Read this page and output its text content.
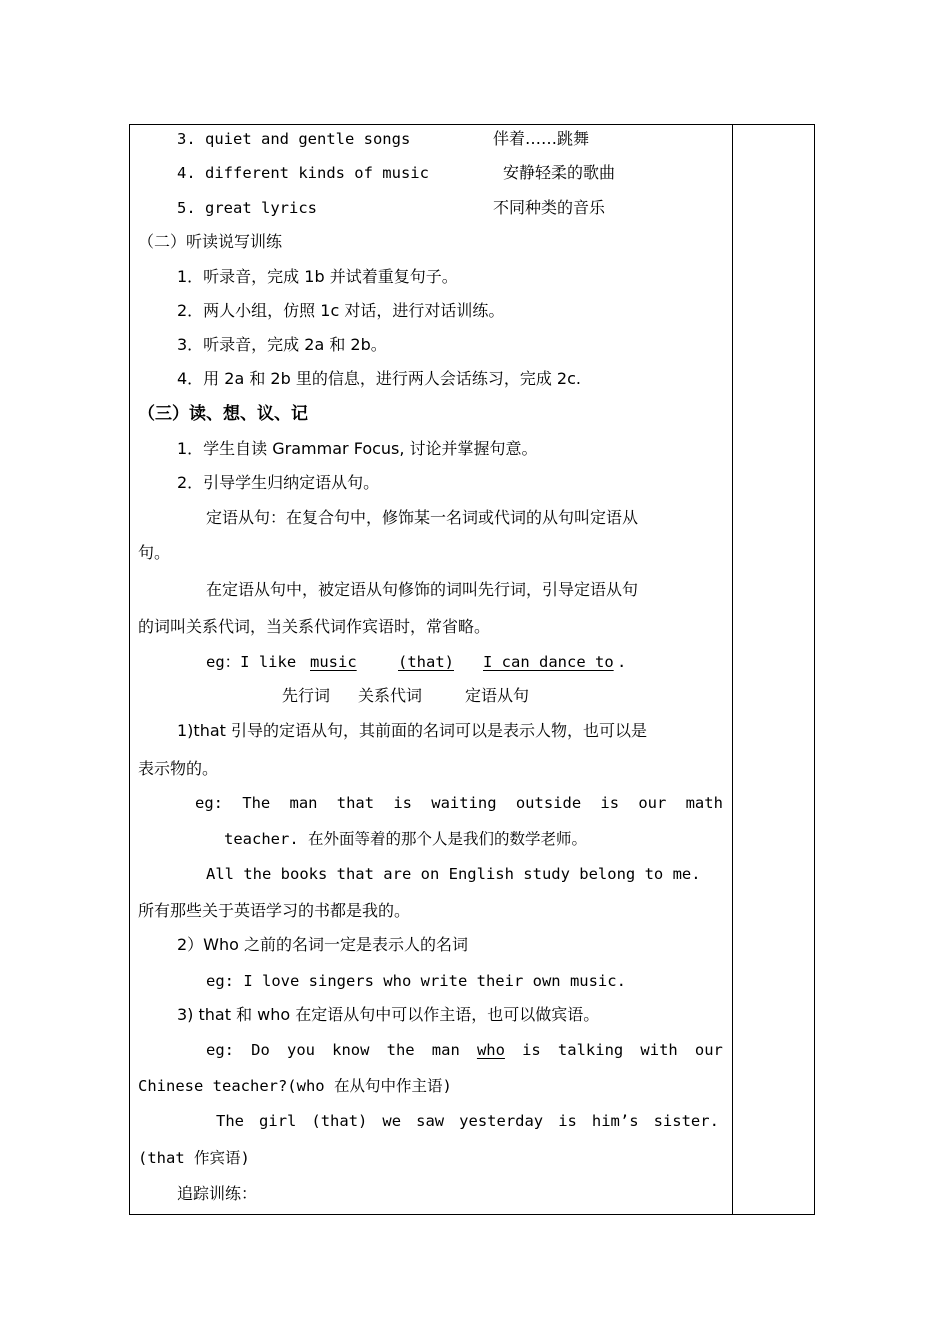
3. quiet and gentle songs	伴着……跳舞
4. different kinds of music	安静轻柔的歌曲
5. great lyrics	不同种类的音乐
（二）听读说写训练
1．听录音，完成 1b 并试着重复句子。
2．两人小组，仿照 1c 对话，进行对话训练。
3．听录音，完成 2a 和 2b。
4．用 2a 和 2b 里的信息，进行两人会话练习，完成 2c.
（三）读、想、议、记
1．学生自读 Grammar Focus, 讨论并掌握句意。
2．引导学生归纳定语从句。
定语从句：在复合句中，修饰某一名词或代词的从句叫定语从
句。
在定语从句中，被定语从句修饰的词叫先行词，引导定语从句
的词叫关系代词，当关系代词作宾语时，常省略。
eg：I like music	(that) I can dance to .
先行词 关系代词	定语从句
1)that 引导的定语从句，其前面的名词可以是表示人物，也可以是
表示物的。
eg: The man that is waiting outside is our math
teacher. 在外面等着的那个人是我们的数学老师。
All the books that are on English study belong to me.
所有那些关于英语学习的书都是我的。
2）Who 之前的名词一定是表示人的名词
eg: I love singers who write their own music.
3) that 和 who 在定语从句中可以作主语，也可以做宾语。
eg: Do you know the man who is talking with our
Chinese teacher?(who 在从句中作主语)
The girl (that) we saw yesterday is him’s sister.
(that 作宾语)
追踪训练：
